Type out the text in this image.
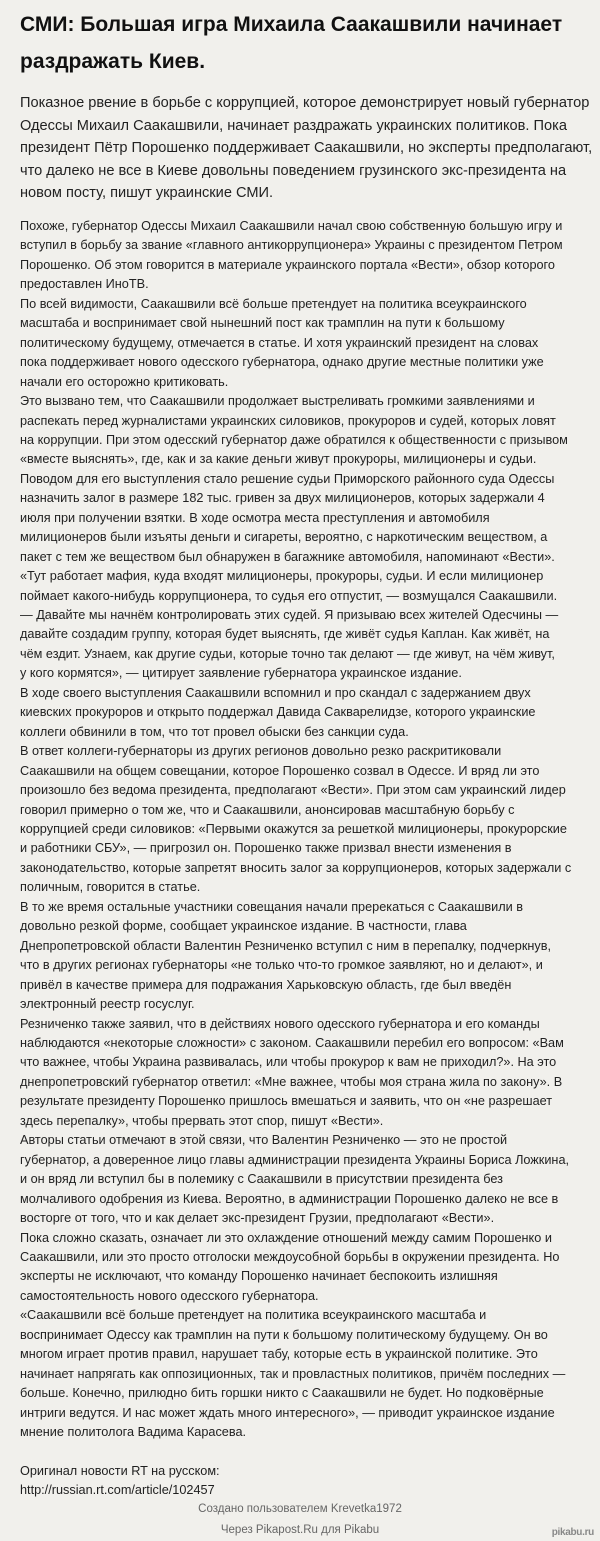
СМИ: Большая игра Михаила Саакашвили начинает раздражать Киев.
Показное рвение в борьбе с коррупцией, которое демонстрирует новый губернатор
Одессы Михаил Саакашвили, начинает раздражать украинских политиков. Пока
президент Пётр Порошенко поддерживает Саакашвили, но эксперты предполагают,
что далеко не все в Киеве довольны поведением грузинского экс-президента на
новом посту, пишут украинские СМИ.
Похоже, губернатор Одессы Михаил Саакашвили начал свою собственную большую игру и
вступил в борьбу за звание «главного антикоррупционера» Украины с президентом Петром
Порошенко. Об этом говорится в материале украинского портала «Вести», обзор которого
предоставлен ИноТВ.
По всей видимости, Саакашвили всё больше претендует на политика всеукраинского
масштаба и воспринимает свой нынешний пост как трамплин на пути к большому
политическому будущему, отмечается в статье. И хотя украинский президент на словах
пока поддерживает нового одесского губернатора, однако другие местные политики уже
начали его осторожно критиковать.
Это вызвано тем, что Саакашвили продолжает выстреливать громкими заявлениями и
распекать перед журналистами украинских силовиков, прокуроров и судей, которых ловят
на коррупции. При этом одесский губернатор даже обратился к общественности с призывом
«вместе выяснять», где, как и за какие деньги живут прокуроры, милиционеры и судьи.
Поводом для его выступления стало решение судьи Приморского районного суда Одессы
назначить залог в размере 182 тыс. гривен за двух милиционеров, которых задержали 4
июля при получении взятки. В ходе осмотра места преступления и автомобиля
милиционеров были изъяты деньги и сигареты, вероятно, с наркотическим веществом, а
пакет с тем же веществом был обнаружен в багажнике автомобиля, напоминают «Вести».
«Тут работает мафия, куда входят милиционеры, прокуроры, судьи. И если милиционер
поймает какого-нибудь коррупционера, то судья его отпустит, — возмущался Саакашвили.
— Давайте мы начнём контролировать этих судей. Я призываю всех жителей Одесчины —
давайте создадим группу, которая будет выяснять, где живёт судья Каплан. Как живёт, на
чём ездит. Узнаем, как другие судьи, которые точно так делают — где живут, на чём живут,
у кого кормятся», — цитирует заявление губернатора украинское издание.
В ходе своего выступления Саакашвили вспомнил и про скандал с задержанием двух
киевских прокуроров и открыто поддержал Давида Сакварелидзе, которого украинские
коллеги обвинили в том, что тот провел обыски без санкции суда.
В ответ коллеги-губернаторы из других регионов довольно резко раскритиковали
Саакашвили на общем совещании, которое Порошенко созвал в Одессе. И вряд ли это
произошло без ведома президента, предполагают «Вести». При этом сам украинский лидер
говорил примерно о том же, что и Саакашвили, анонсировав масштабную борьбу с
коррупцией среди силовиков: «Первыми окажутся за решеткой милиционеры, прокурорские
и работники СБУ», — пригрозил он. Порошенко также призвал внести изменения в
законодательство, которые запретят вносить залог за коррупционеров, которых задержали с
поличным, говорится в статье.
В то же время остальные участники совещания начали пререкаться с Саакашвили в
довольно резкой форме, сообщает украинское издание. В частности, глава
Днепропетровской области Валентин Резниченко вступил с ним в перепалку, подчеркнув,
что в других регионах губернаторы «не только что-то громкое заявляют, но и делают», и
привёл в качестве примера для подражания Харьковскую область, где был введён
электронный реестр госуслуг.
Резниченко также заявил, что в действиях нового одесского губернатора и его команды
наблюдаются «некоторые сложности» с законом. Саакашвили перебил его вопросом: «Вам
что важнее, чтобы Украина развивалась, или чтобы прокурор к вам не приходил?». На это
днепропетровский губернатор ответил: «Мне важнее, чтобы моя страна жила по закону». В
результате президенту Порошенко пришлось вмешаться и заявить, что он «не разрешает
здесь перепалку», чтобы прервать этот спор, пишут «Вести».
Авторы статьи отмечают в этой связи, что Валентин Резниченко — это не простой
губернатор, а доверенное лицо главы администрации президента Украины Бориса Ложкина,
и он вряд ли вступил бы в полемику с Саакашвили в присутствии президента без
молчаливого одобрения из Киева. Вероятно, в администрации Порошенко далеко не все в
восторге от того, что и как делает экс-президент Грузии, предполагают «Вести».
Пока сложно сказать, означает ли это охлаждение отношений между самим Порошенко и
Саакашвили, или это просто отголоски междоусобной борьбы в окружении президента. Но
эксперты не исключают, что команду Порошенко начинает беспокоить излишняя
самостоятельность нового одесского губернатора.
«Саакашвили всё больше претендует на политика всеукраинского масштаба и
воспринимает Одессу как трамплин на пути к большому политическому будущему. Он во
многом играет против правил, нарушает табу, которые есть в украинской политике. Это
начинает напрягать как оппозиционных, так и провластных политиков, причём последних —
больше. Конечно, прилюдно бить горшки никто с Саакашвили не будет. Но подковёрные
интриги ведутся. И нас может ждать много интересного», — приводит украинское издание
мнение политолога Вадима Карасева.
Оригинал новости RT на русском:
http://russian.rt.com/article/102457
Создано пользователем Krevetka1972
Через Pikapost.Ru для Pikabu	pikabu.ru
